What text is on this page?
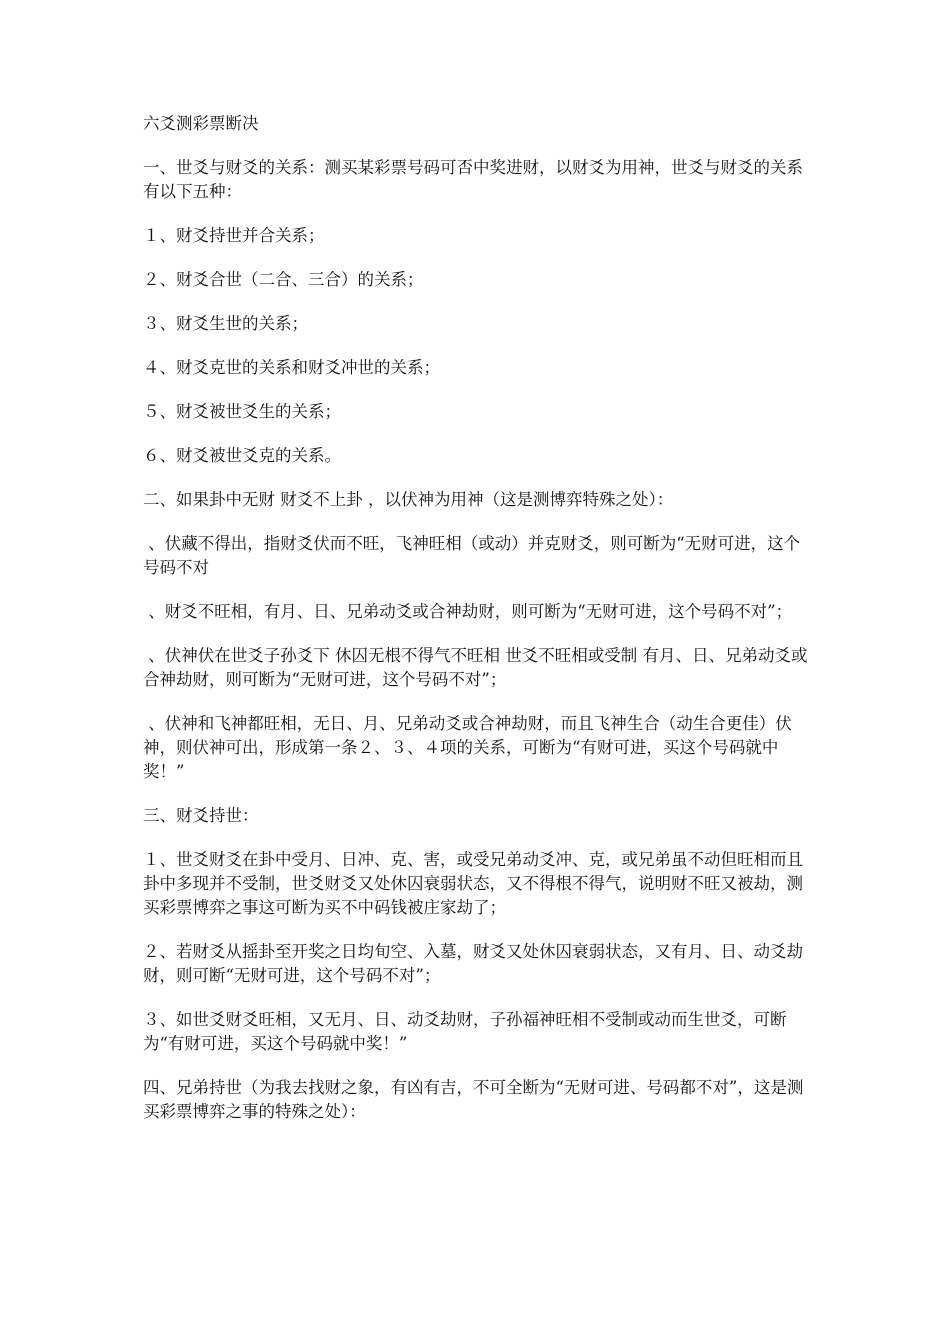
六爻测彩票断决

一、世爻与财爻的关系：测买某彩票号码可否中奖进财，以财爻为用神，世爻与财爻的关系有以下五种：

１、财爻持世并合关系；

２、财爻合世（二合、三合）的关系；

３、财爻生世的关系；

４、财爻克世的关系和财爻冲世的关系；

５、财爻被世爻生的关系；

６、财爻被世爻克的关系。

二、如果卦中无财 财爻不上卦 ，以伏神为用神（这是测博弈特殊之处）：

、伏藏不得出，指财爻伏而不旺，飞神旺相（或动）并克财爻，则可断为“无财可进，这个号码不对

、财爻不旺相，有月、日、兄弟动爻或合神劫财，则可断为“无财可进，这个号码不对”；

、伏神伏在世爻子孙爻下 休囚无根不得气不旺相 世爻不旺相或受制 有月、日、兄弟动爻或合神劫财，则可断为“无财可进，这个号码不对”；

、伏神和飞神都旺相，无日、月、兄弟动爻或合神劫财，而且飞神生合（动生合更佳）伏神，则伏神可出，形成第一条２、３、４项的关系，可断为“有财可进，买这个号码就中奖！”

三、财爻持世：

１、世爻财爻在卦中受月、日冲、克、害，或受兄弟动爻冲、克，或兄弟虽不动但旺相而且卦中多现并不受制，世爻财爻又处休囚衰弱状态，又不得根不得气，说明财不旺又被劫，测买彩票博弈之事这可断为买不中码钱被庄家劫了；

２、若财爻从摇卦至开奖之日均旬空、入墓，财爻又处休囚衰弱状态，又有月、日、动爻劫财，则可断“无财可进，这个号码不对”；

３、如世爻财爻旺相，又无月、日、动爻劫财，子孙福神旺相不受制或动而生世爻，可断为“有财可进，买这个号码就中奖！”

四、兄弟持世（为我去找财之象，有凶有吉，不可全断为“无财可进、号码都不对”，这是测买彩票博弈之事的特殊之处）：
